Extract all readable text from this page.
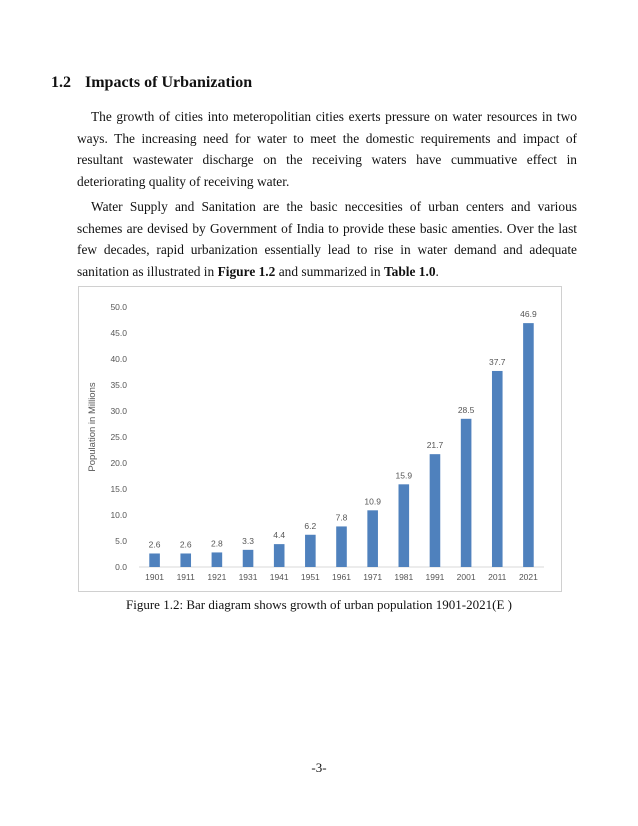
1.2 Impacts of Urbanization

The growth of cities into meteropolitian cities exerts pressure on water resources in two ways. The increasing need for water to meet the domestic requirements and impact of resultant wastewater discharge on the receiving waters have cummuative effect in deteriorating quality of receiving water.

Water Supply and Sanitation are the basic neccesities of urban centers and various schemes are devised by Government of India to provide these basic amenties. Over the last few decades, rapid urbanization essentially lead to rise in water demand and adequate sanitation as illustrated in Figure 1.2 and summarized in Table 1.0.

0.0
5.0
10.0
15.0
20.0
25.0
30.0
35.0
40.0
45.0
50.0
Population in Millions
2.6
1901
2.6
1911
2.8
1921
3.3
1931
4.4
1941
6.2
1951
7.8
1961
10.9
1971
15.9
1981
21.7
1991
28.5
2001
37.7
2011
46.9
2021
Figure 1.2: Bar diagram shows growth of urban population 1901-2021(E )
-3-
